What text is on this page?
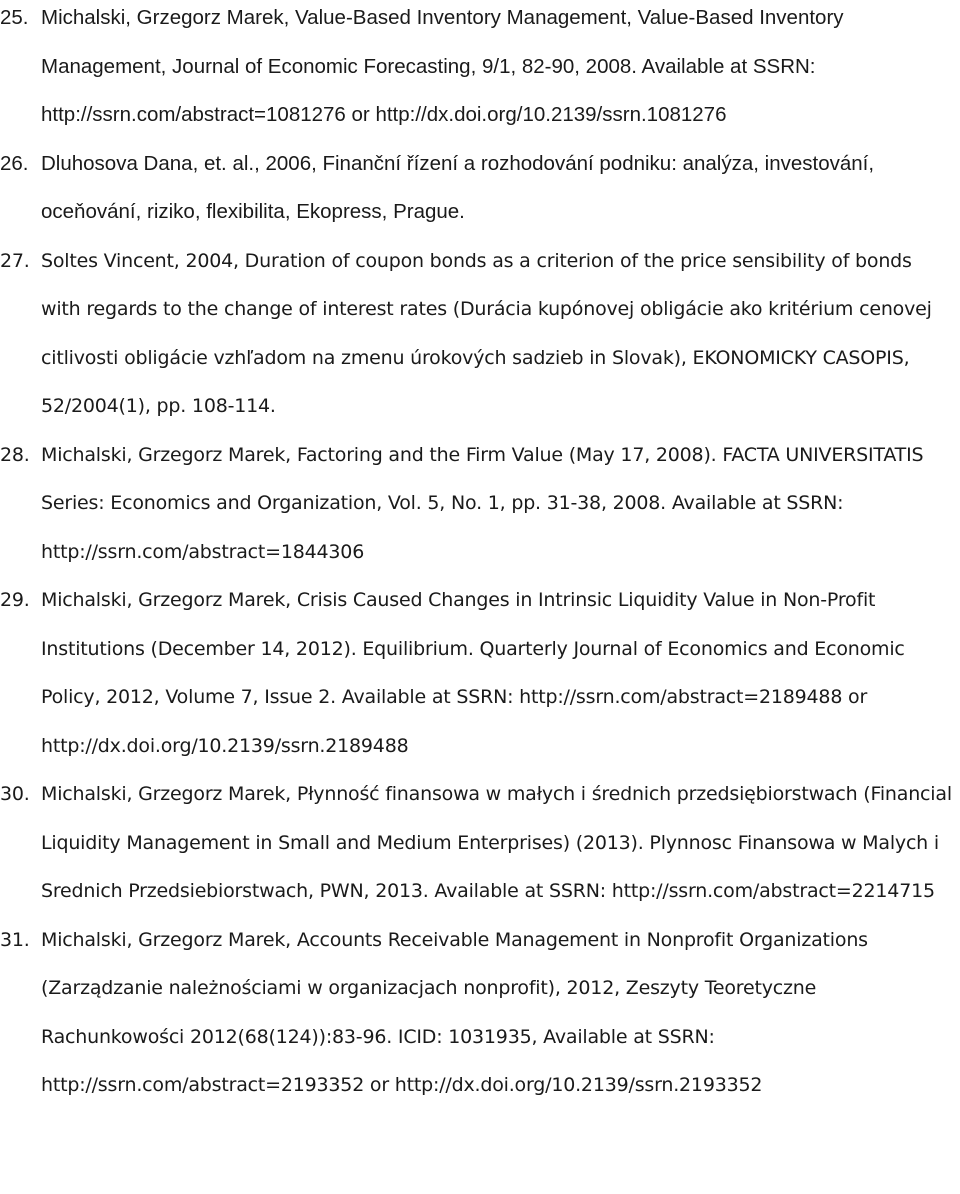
25. Michalski, Grzegorz Marek, Value-Based Inventory Management, Value-Based Inventory Management, Journal of Economic Forecasting, 9/1, 82-90, 2008. Available at SSRN: http://ssrn.com/abstract=1081276 or http://dx.doi.org/10.2139/ssrn.1081276
26. Dluhosova Dana, et. al., 2006, Finanční řízení a rozhodování podniku: analýza, investování, oceňování, riziko, flexibilita, Ekopress, Prague.
27. Soltes Vincent, 2004, Duration of coupon bonds as a criterion of the price sensibility of bonds with regards to the change of interest rates (Durácia kupónovej obligácie ako kritérium cenovej citlivosti obligácie vzhľadom na zmenu úrokových sadzieb in Slovak), EKONOMICKY CASOPIS, 52/2004(1), pp. 108-114.
28. Michalski, Grzegorz Marek, Factoring and the Firm Value (May 17, 2008). FACTA UNIVERSITATIS Series: Economics and Organization, Vol. 5, No. 1, pp. 31-38, 2008. Available at SSRN: http://ssrn.com/abstract=1844306
29. Michalski, Grzegorz Marek, Crisis Caused Changes in Intrinsic Liquidity Value in Non-Profit Institutions (December 14, 2012). Equilibrium. Quarterly Journal of Economics and Economic Policy, 2012, Volume 7, Issue 2. Available at SSRN: http://ssrn.com/abstract=2189488 or http://dx.doi.org/10.2139/ssrn.2189488
30. Michalski, Grzegorz Marek, Płynność finansowa w małych i średnich przedsiębiorstwach (Financial Liquidity Management in Small and Medium Enterprises) (2013). Plynnosc Finansowa w Malych i Srednich Przedsiebiorstwach, PWN, 2013. Available at SSRN: http://ssrn.com/abstract=2214715
31. Michalski, Grzegorz Marek, Accounts Receivable Management in Nonprofit Organizations (Zarządzanie należnościami w organizacjach nonprofit), 2012, Zeszyty Teoretyczne Rachunkowości 2012(68(124)):83-96. ICID: 1031935, Available at SSRN: http://ssrn.com/abstract=2193352 or http://dx.doi.org/10.2139/ssrn.2193352
